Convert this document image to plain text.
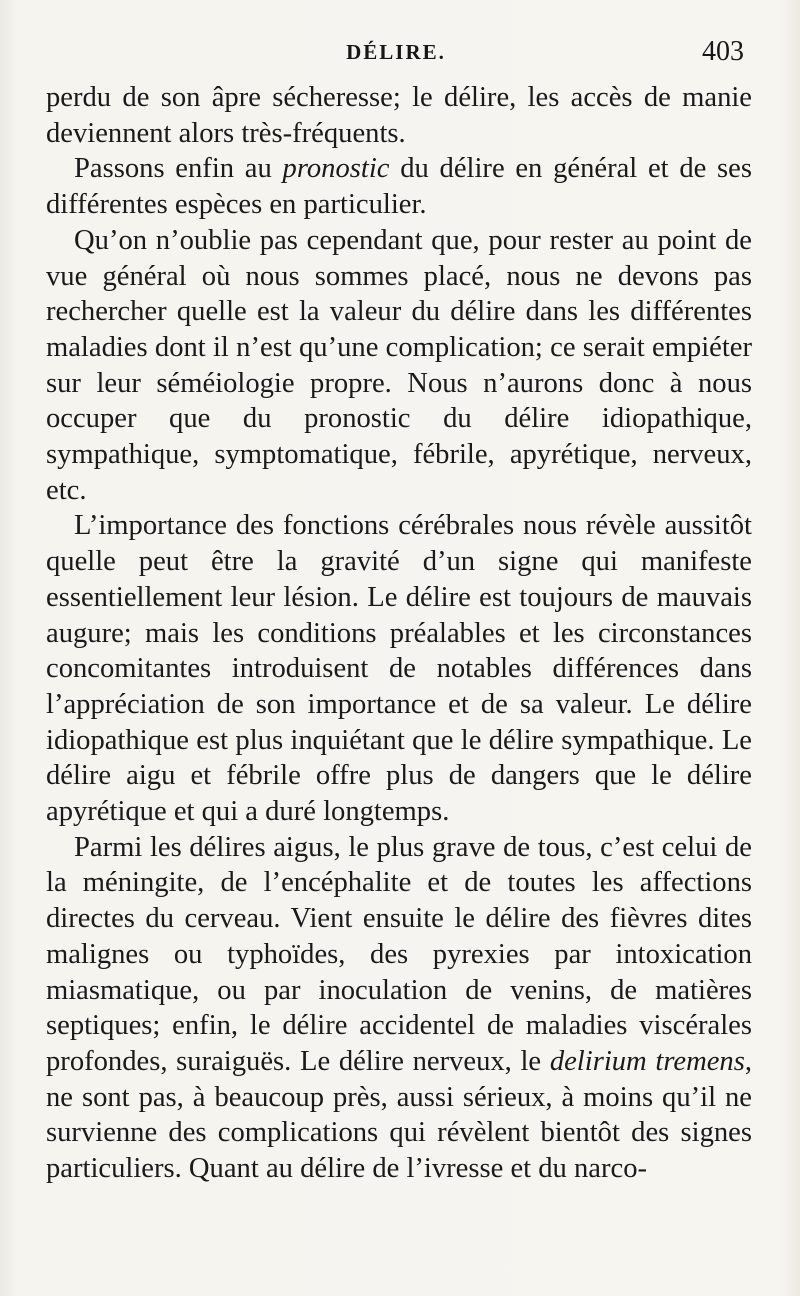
DÉLIRE.	403

perdu de son âpre sécheresse; le délire, les accès de manie deviennent alors très-fréquents.

Passons enfin au pronostic du délire en général et de ses différentes espèces en particulier.

Qu’on n’oublie pas cependant que, pour rester au point de vue général où nous sommes placé, nous ne devons pas rechercher quelle est la valeur du délire dans les différentes maladies dont il n’est qu’une complication; ce serait empiéter sur leur séméiologie propre. Nous n’aurons donc à nous occuper que du pronostic du délire idiopathique, sympathique, symptomatique, fébrile, apyrétique, nerveux, etc.

L’importance des fonctions cérébrales nous révèle aussitôt quelle peut être la gravité d’un signe qui manifeste essentiellement leur lésion. Le délire est toujours de mauvais augure; mais les conditions préalables et les circonstances concomitantes introduisent de notables différences dans l’appréciation de son importance et de sa valeur. Le délire idiopathique est plus inquiétant que le délire sympathique. Le délire aigu et fébrile offre plus de dangers que le délire apyrétique et qui a duré longtemps.

Parmi les délires aigus, le plus grave de tous, c’est celui de la méningite, de l’encéphalite et de toutes les affections directes du cerveau. Vient ensuite le délire des fièvres dites malignes ou typhoïdes, des pyrexies par intoxication miasmatique, ou par inoculation de venins, de matières septiques; enfin, le délire accidentel de maladies viscérales profondes, suraiguës. Le délire nerveux, le delirium tremens, ne sont pas, à beaucoup près, aussi sérieux, à moins qu’il ne survienne des complications qui révèlent bientôt des signes particuliers. Quant au délire de l’ivresse et du narco-
